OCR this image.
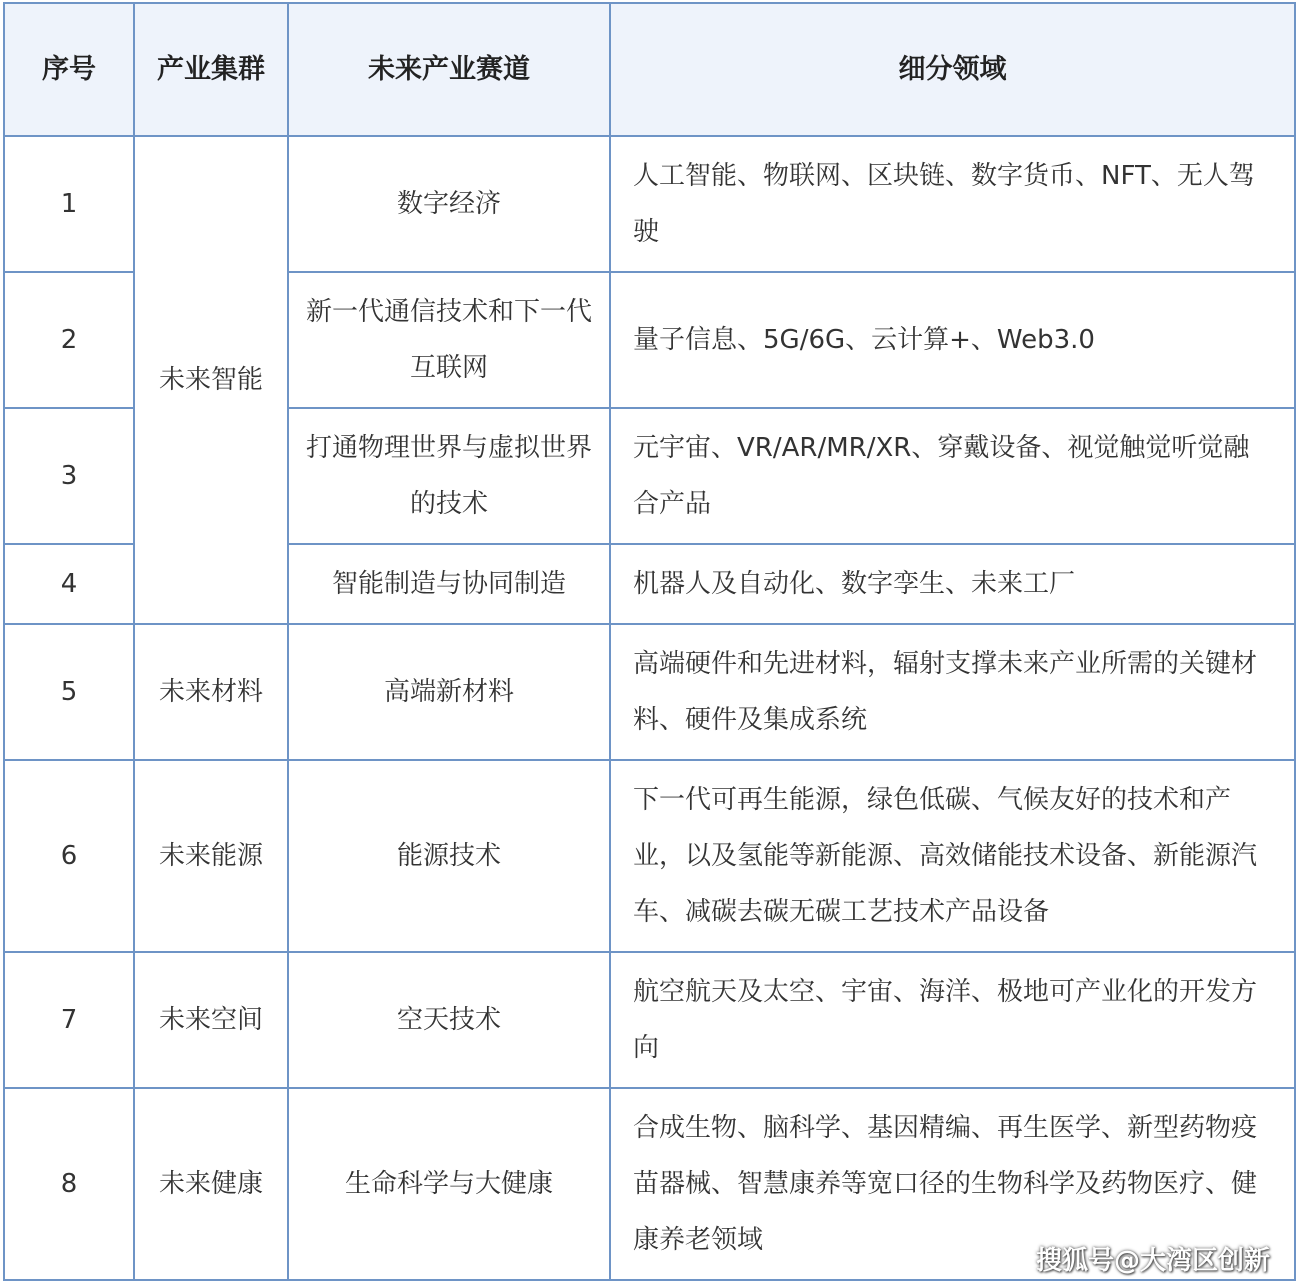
序号	产业集群	未来产业赛道	细分领域
1	未来智能	数字经济	人工智能、物联网、区块链、数字货币、NFT、无人驾驶

2		新一代通信技术和下一代互联网	量子信息、5G/6G、云计算+、Web3.0

3		打通物理世界与虚拟世界的技术	元宇宙、VR/AR/MR/XR、穿戴设备、视觉触觉听觉融合产品

4		智能制造与协同制造	机器人及自动化、数字孪生、未来工厂

5	未来材料	高端新材料	高端硬件和先进材料，辐射支撑未来产业所需的关键材料、硬件及集成系统

6	未来能源	能源技术	下一代可再生能源，绿色低碳、气候友好的技术和产业，以及氢能等新能源、高效储能技术设备、新能源汽车、减碳去碳无碳工艺技术产品设备

7	未来空间	空天技术	航空航天及太空、宇宙、海洋、极地可产业化的开发方向

8	未来健康	生命科学与大健康	合成生物、脑科学、基因精编、再生医学、新型药物疫苗器械、智慧康养等宽口径的生物科学及药物医疗、健康养老领域
搜狐号@大湾区创新
